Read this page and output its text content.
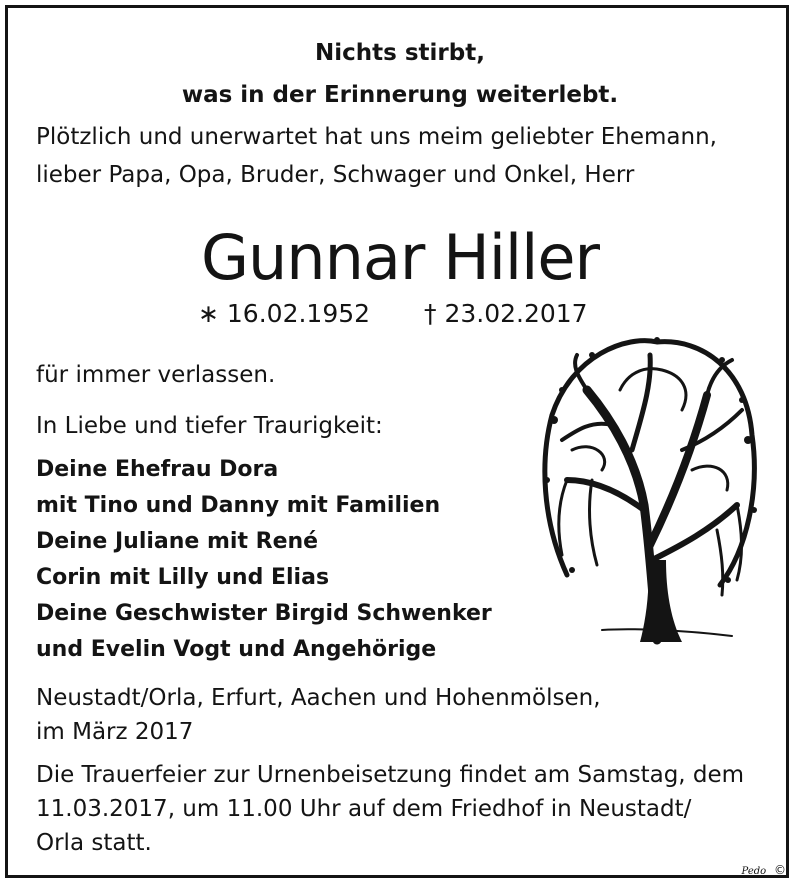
Nichts stirbt,
was in der Erinnerung weiterlebt.
Plötzlich und unerwartet hat uns meim geliebter Ehemann,
lieber Papa, Opa, Bruder, Schwager und Onkel, Herr
Gunnar Hiller
∗ 16.02.1952 † 23.02.2017
für immer verlassen.
In Liebe und tiefer Traurigkeit:
Deine Ehefrau Dora
mit Tino und Danny mit Familien
Deine Juliane mit René
Corin mit Lilly und Elias
Deine Geschwister Birgid Schwenker
und Evelin Vogt und Angehörige
Neustadt/Orla, Erfurt, Aachen und Hohenmölsen,
im März 2017
Die Trauerfeier zur Urnenbeisetzung findet am Samstag, dem
11.03.2017, um 11.00 Uhr auf dem Friedhof in Neustadt/
Orla statt.
Pedo ©
